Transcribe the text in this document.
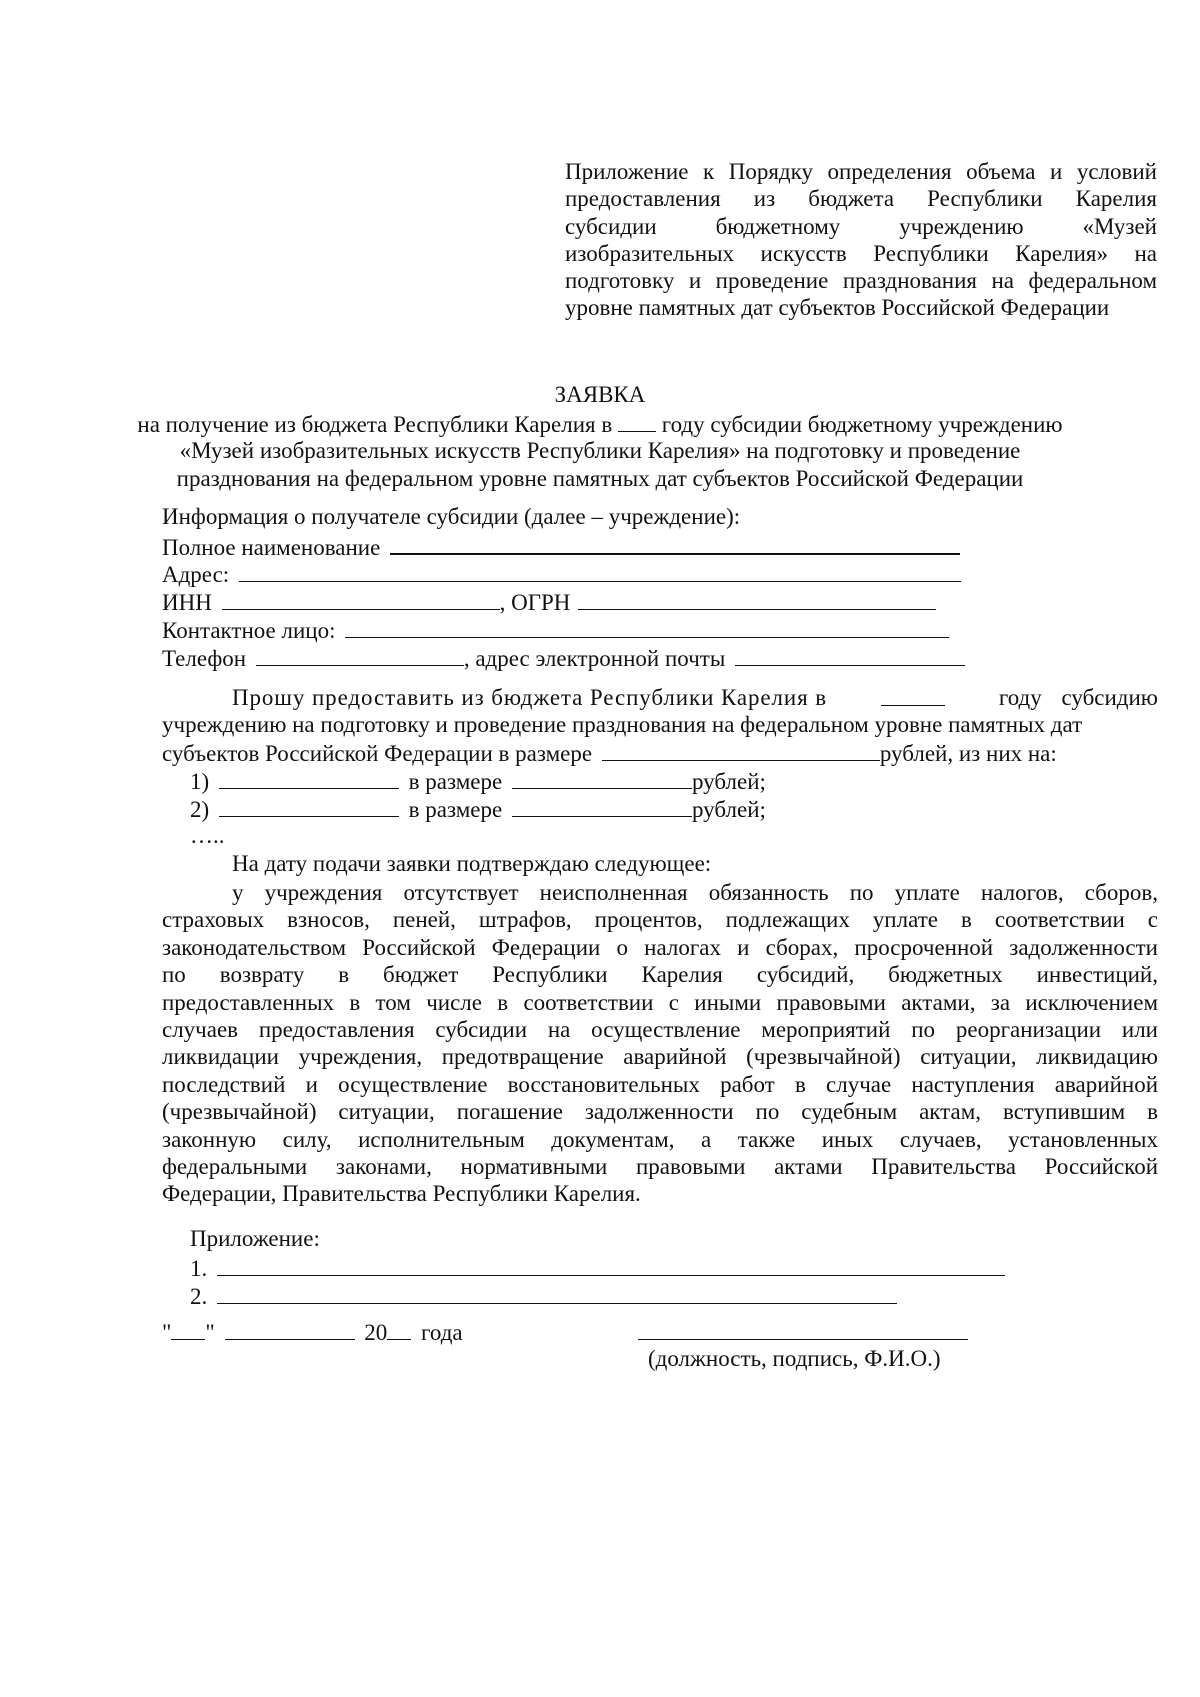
Приложение к Порядку определения объема и условий
предоставления из бюджета Республики Карелия
субсидии бюджетному учреждению «Музей
изобразительных искусств Республики Карелия» на
подготовку и проведение празднования на федеральном
уровне памятных дат субъектов Российской Федерации
ЗАЯВКА
на получение из бюджета Республики Карелия в году субсидии бюджетному учреждению
«Музей изобразительных искусств Республики Карелия» на подготовку и проведение
празднования на федеральном уровне памятных дат субъектов Российской Федерации
Информация о получателе субсидии (далее – учреждение):
Полное наименование
Адрес:
ИНН	, ОГРН
Контактное лицо:
Телефон	, адрес электронной почты
Прошу предоставить из бюджета Республики Карелия в	году субсидию
учреждению на подготовку и проведение празднования на федеральном уровне памятных дат
субъектов Российской Федерации в размере	рублей, из них на:
1)	в размере	рублей;
2)	в размере	рублей;
…..
На дату подачи заявки подтверждаю следующее:
у учреждения отсутствует неисполненная обязанность по уплате налогов, сборов,
страховых взносов, пеней, штрафов, процентов, подлежащих уплате в соответствии с
законодательством Российской Федерации о налогах и сборах, просроченной задолженности
по возврату в бюджет Республики Карелия субсидий, бюджетных инвестиций,
предоставленных в том числе в соответствии с иными правовыми актами, за исключением
случаев предоставления субсидии на осуществление мероприятий по реорганизации или
ликвидации учреждения, предотвращение аварийной (чрезвычайной) ситуации, ликвидацию
последствий и осуществление восстановительных работ в случае наступления аварийной
(чрезвычайной) ситуации, погашение задолженности по судебным актам, вступившим в
законную силу, исполнительным документам, а также иных случаев, установленных
федеральными законами, нормативными правовыми актами Правительства Российской
Федерации, Правительства Республики Карелия.
Приложение:
1.
2.
" "	20 года
(должность, подпись, Ф.И.О.)
